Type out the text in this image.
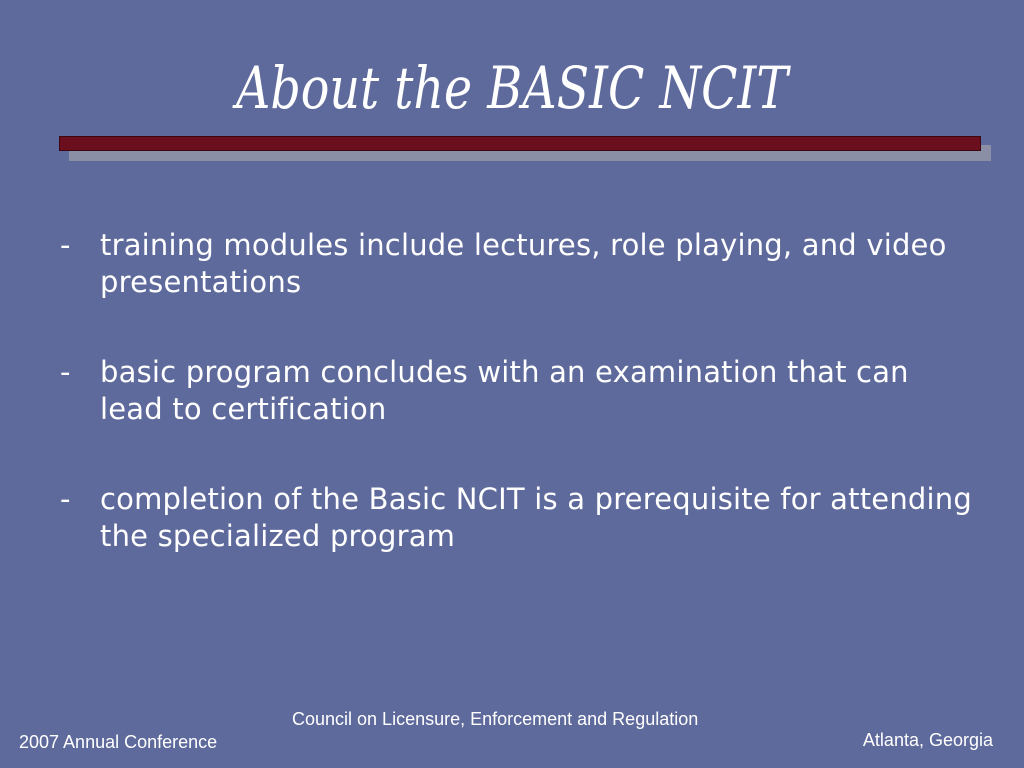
About the BASIC NCIT
-	training modules include lectures, role playing, and video presentations
-	basic program concludes with an examination that can lead to certification
-	completion of the Basic NCIT is a prerequisite for attending the specialized program
2007 Annual Conference
Council on Licensure, Enforcement and Regulation
Atlanta, Georgia
